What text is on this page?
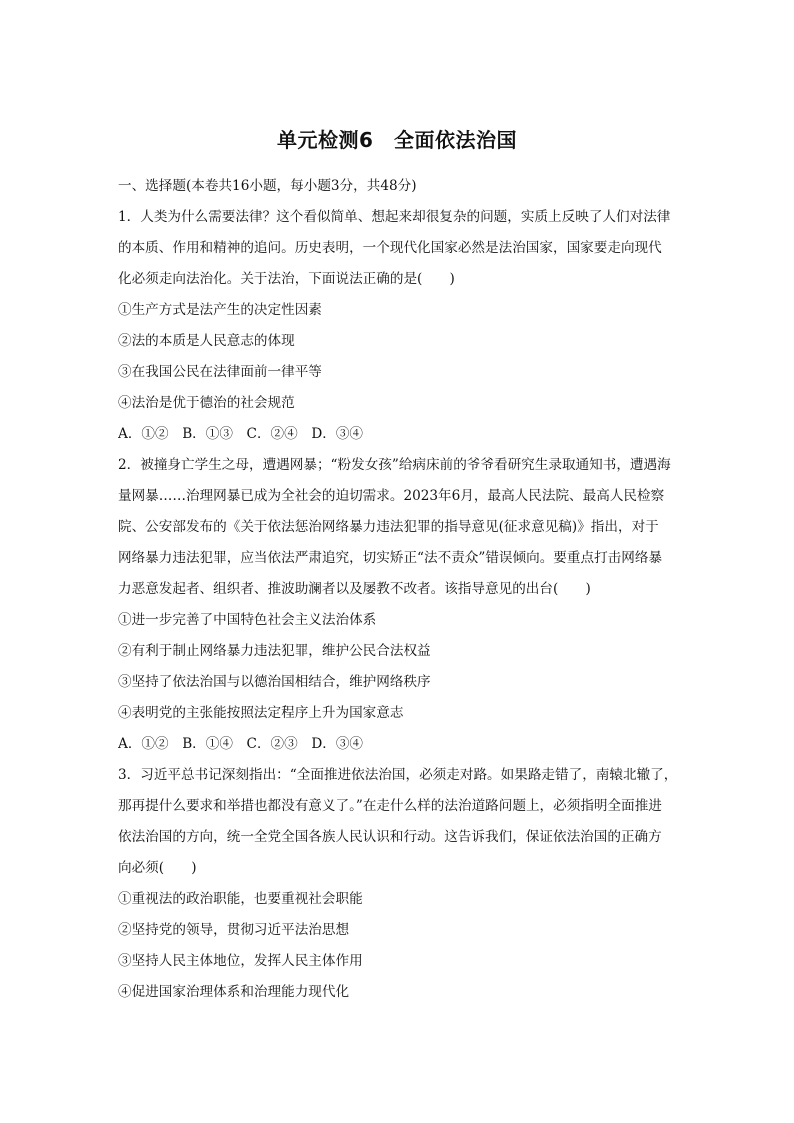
单元检测6　全面依法治国
一、选择题(本卷共16小题，每小题3分，共48分)
1．人类为什么需要法律？这个看似简单、想起来却很复杂的问题，实质上反映了人们对法律
的本质、作用和精神的追问。历史表明，一个现代化国家必然是法治国家，国家要走向现代
化必须走向法治化。关于法治，下面说法正确的是(　　)
①生产方式是法产生的决定性因素
②法的本质是人民意志的体现
③在我国公民在法律面前一律平等
④法治是优于德治的社会规范
A．①②　B．①③　C．②④　D．③④
2．被撞身亡学生之母，遭遇网暴；“粉发女孩”给病床前的爷爷看研究生录取通知书，遭遇海
量网暴……治理网暴已成为全社会的迫切需求。2023年6月，最高人民法院、最高人民检察
院、公安部发布的《关于依法惩治网络暴力违法犯罪的指导意见(征求意见稿)》指出，对于
网络暴力违法犯罪，应当依法严肃追究，切实矫正“法不责众”错误倾向。要重点打击网络暴
力恶意发起者、组织者、推波助澜者以及屡教不改者。该指导意见的出台(　　)
①进一步完善了中国特色社会主义法治体系
②有利于制止网络暴力违法犯罪，维护公民合法权益
③坚持了依法治国与以德治国相结合，维护网络秩序
④表明党的主张能按照法定程序上升为国家意志
A．①②　B．①④　C．②③　D．③④
3．习近平总书记深刻指出：“全面推进依法治国，必须走对路。如果路走错了，南辕北辙了，
那再提什么要求和举措也都没有意义了。”在走什么样的法治道路问题上，必须指明全面推进
依法治国的方向，统一全党全国各族人民认识和行动。这告诉我们，保证依法治国的正确方
向必须(　　)
①重视法的政治职能，也要重视社会职能
②坚持党的领导，贯彻习近平法治思想
③坚持人民主体地位，发挥人民主体作用
④促进国家治理体系和治理能力现代化
